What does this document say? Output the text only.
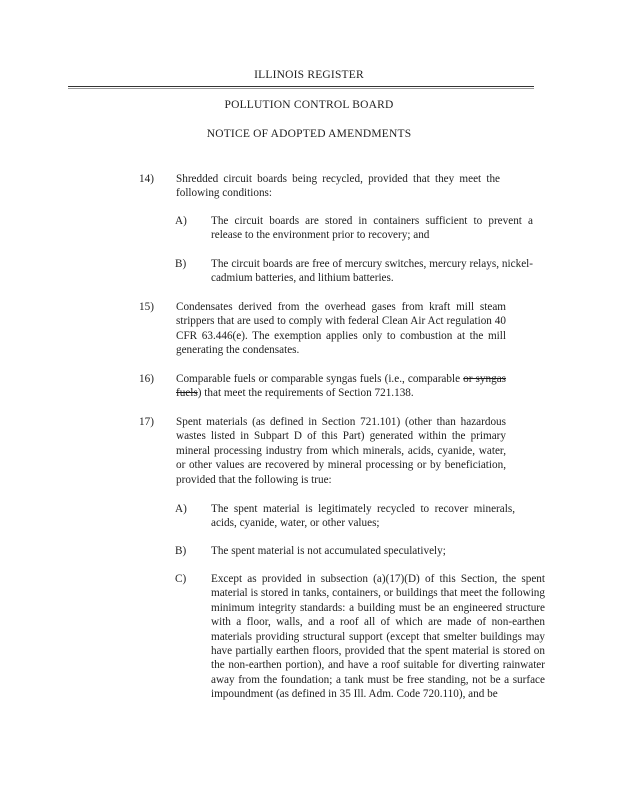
ILLINOIS REGISTER
POLLUTION CONTROL BOARD
NOTICE OF ADOPTED AMENDMENTS
14) Shredded circuit boards being recycled, provided that they meet the following conditions:
A) The circuit boards are stored in containers sufficient to prevent a release to the environment prior to recovery; and
B) The circuit boards are free of mercury switches, mercury relays, nickel-cadmium batteries, and lithium batteries.
15) Condensates derived from the overhead gases from kraft mill steam strippers that are used to comply with federal Clean Air Act regulation 40 CFR 63.446(e). The exemption applies only to combustion at the mill generating the condensates.
16) Comparable fuels or comparable syngas fuels (i.e., comparable or syngas fuels) that meet the requirements of Section 721.138.
17) Spent materials (as defined in Section 721.101) (other than hazardous wastes listed in Subpart D of this Part) generated within the primary mineral processing industry from which minerals, acids, cyanide, water, or other values are recovered by mineral processing or by beneficiation, provided that the following is true:
A) The spent material is legitimately recycled to recover minerals, acids, cyanide, water, or other values;
B) The spent material is not accumulated speculatively;
C) Except as provided in subsection (a)(17)(D) of this Section, the spent material is stored in tanks, containers, or buildings that meet the following minimum integrity standards: a building must be an engineered structure with a floor, walls, and a roof all of which are made of non-earthen materials providing structural support (except that smelter buildings may have partially earthen floors, provided that the spent material is stored on the non-earthen portion), and have a roof suitable for diverting rainwater away from the foundation; a tank must be free standing, not be a surface impoundment (as defined in 35 Ill. Adm. Code 720.110), and be
